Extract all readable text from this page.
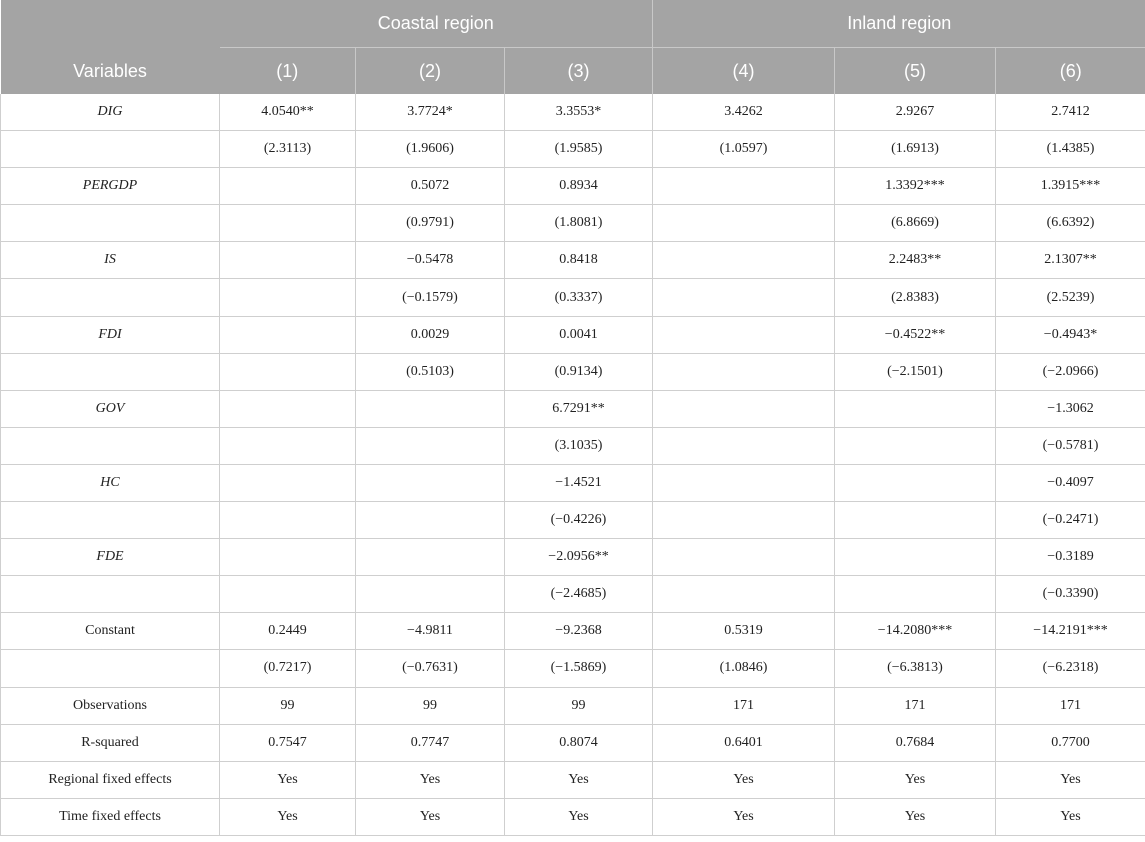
Variables	Coastal region			Inland region		
	(1)	(2)	(3)	(4)	(5)	(6)
DIG	4.0540**	3.7724*	3.3553*	3.4262	2.9267	2.7412
	(2.3113)	(1.9606)	(1.9585)	(1.0597)	(1.6913)	(1.4385)
PERGDP		0.5072	0.8934		1.3392***	1.3915***
		(0.9791)	(1.8081)		(6.8669)	(6.6392)
IS		−0.5478	0.8418		2.2483**	2.1307**
		(−0.1579)	(0.3337)		(2.8383)	(2.5239)
FDI		0.0029	0.0041		−0.4522**	−0.4943*
		(0.5103)	(0.9134)		(−2.1501)	(−2.0966)
GOV			6.7291**			−1.3062
			(3.1035)			(−0.5781)
HC			−1.4521			−0.4097
			(−0.4226)			(−0.2471)
FDE			−2.0956**			−0.3189
			(−2.4685)			(−0.3390)
Constant	0.2449	−4.9811	−9.2368	0.5319	−14.2080***	−14.2191***
	(0.7217)	(−0.7631)	(−1.5869)	(1.0846)	(−6.3813)	(−6.2318)
Observations	99	99	99	171	171	171
R-squared	0.7547	0.7747	0.8074	0.6401	0.7684	0.7700
Regional fixed effects	Yes	Yes	Yes	Yes	Yes	Yes
Time fixed effects	Yes	Yes	Yes	Yes	Yes	Yes
